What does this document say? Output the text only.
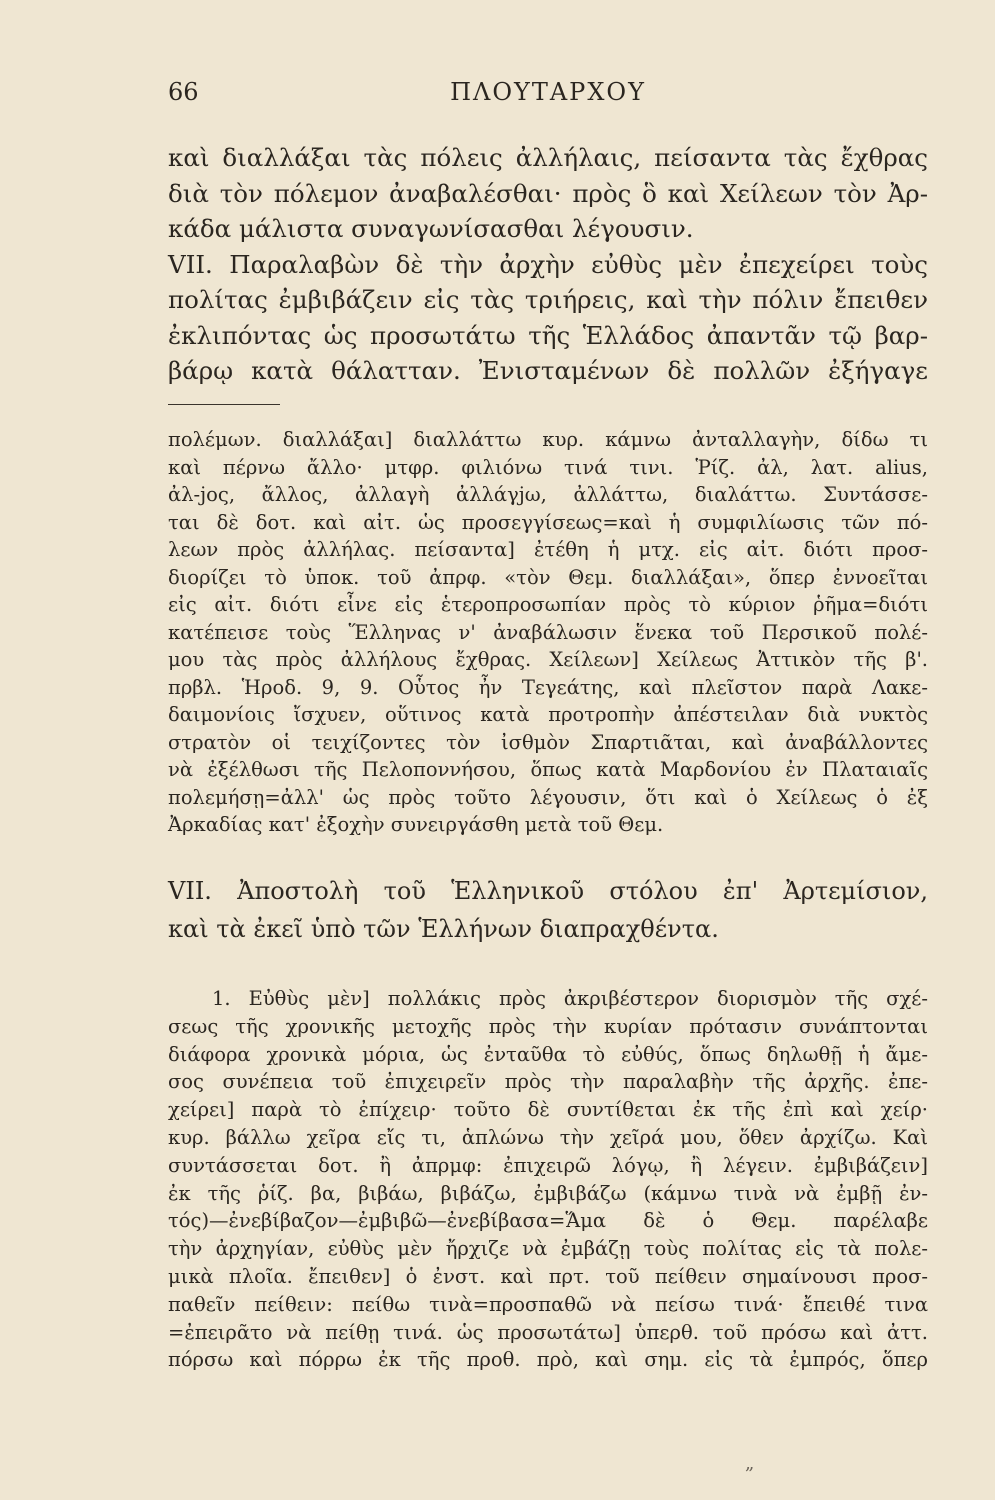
66	ΠΛΟΥΤΑΡΧΟΥ
καὶ διαλλάξαι τὰς πόλεις ἀλλήλαις, πείσαντα τὰς ἔχθρας
διὰ τὸν πόλεμον ἀναβαλέσθαι· πρὸς ὃ καὶ Χείλεων τὸν Ἀρ-
κάδα μάλιστα συναγωνίσασθαι λέγουσιν.
VII. Παραλαβὼν δὲ τὴν ἀρχὴν εὐθὺς μὲν ἐπεχείρει τοὺς
πολίτας ἐμβιβάζειν εἰς τὰς τριήρεις, καὶ τὴν πόλιν ἔπειθεν
ἐκλιπόντας ὡς προσωτάτω τῆς Ἑλλάδος ἀπαντᾶν τῷ βαρ-
βάρῳ κατὰ θάλατταν. Ἐνισταμένων δὲ πολλῶν ἐξήγαγε
πολέμων. διαλλάξαι] διαλλάττω κυρ. κάμνω ἀνταλλαγὴν, δίδω τι
καὶ πέρνω ἄλλο· μτφρ. φιλιόνω τινά τινι. Ῥίζ. ἀλ, λατ. alius,
ἀλ-jος, ἄλλος, ἀλλαγὴ ἀλλάγjω, ἀλλάττω, διαλάττω. Συντάσσε-
ται δὲ δοτ. καὶ αἰτ. ὡς προσεγγίσεως=καὶ ἡ συμφιλίωσις τῶν πό-
λεων πρὸς ἀλλήλας. πείσαντα] ἐτέθη ἡ μτχ. εἰς αἰτ. διότι προσ-
διορίζει τὸ ὑποκ. τοῦ ἀπρφ. «τὸν Θεμ. διαλλάξαι», ὅπερ ἐννοεῖται
εἰς αἰτ. διότι εἶνε εἰς ἑτεροπροσωπίαν πρὸς τὸ κύριον ῥῆμα=διότι
κατέπεισε τοὺς Ἕλληνας ν' ἀναβάλωσιν ἕνεκα τοῦ Περσικοῦ πολέ-
μου τὰς πρὸς ἀλλήλους ἔχθρας. Χείλεων] Χείλεως Ἀττικὸν τῆς β'.
πρβλ. Ἡροδ. 9, 9. Οὗτος ἦν Τεγεάτης, καὶ πλεῖστον παρὰ Λακε-
δαιμονίοις ἴσχυεν, οὕτινος κατὰ προτροπὴν ἀπέστειλαν διὰ νυκτὸς
στρατὸν οἱ τειχίζοντες τὸν ἰσθμὸν Σπαρτιᾶται, καὶ ἀναβάλλοντες
νὰ ἐξέλθωσι τῆς Πελοποννήσου, ὅπως κατὰ Μαρδονίου ἐν Πλαταιαῖς
πολεμήσῃ=ἀλλ' ὡς πρὸς τοῦτο λέγουσιν, ὅτι καὶ ὁ Χείλεως ὁ ἐξ
Ἀρκαδίας κατ' ἐξοχὴν συνειργάσθη μετὰ τοῦ Θεμ.
VII. Ἀποστολὴ τοῦ Ἑλληνικοῦ στόλου ἐπ' Ἀρτεμίσιον,
καὶ τὰ ἐκεῖ ὑπὸ τῶν Ἑλλήνων διαπραχθέντα.
1. Εὐθὺς μὲν] πολλάκις πρὸς ἀκριβέστερον διορισμὸν τῆς σχέ-
σεως τῆς χρονικῆς μετοχῆς πρὸς τὴν κυρίαν πρότασιν συνάπτονται
διάφορα χρονικὰ μόρια, ὡς ἐνταῦθα τὸ εὐθύς, ὅπως δηλωθῇ ἡ ἄμε-
σος συνέπεια τοῦ ἐπιχειρεῖν πρὸς τὴν παραλαβὴν τῆς ἀρχῆς. ἐπε-
χείρει] παρὰ τὸ ἐπίχειρ· τοῦτο δὲ συντίθεται ἐκ τῆς ἐπὶ καὶ χείρ·
κυρ. βάλλω χεῖρα εἴς τι, ἁπλώνω τὴν χεῖρά μου, ὅθεν ἀρχίζω. Καὶ
συντάσσεται δοτ. ἢ ἀπρμφ: ἐπιχειρῶ λόγῳ, ἢ λέγειν. ἐμβιβάζειν]
ἐκ τῆς ῥίζ. βα, βιβάω, βιβάζω, ἐμβιβάζω (κάμνω τινὰ νὰ ἐμβῇ ἐν-
τός)—ἐνεβίβαζον—ἐμβιβῶ—ἐνεβίβασα=Ἅμα δὲ ὁ Θεμ. παρέλαβε
τὴν ἀρχηγίαν, εὐθὺς μὲν ἤρχιζε νὰ ἐμβάζῃ τοὺς πολίτας εἰς τὰ πολε-
μικὰ πλοῖα. ἔπειθεν] ὁ ἐνστ. καὶ πρτ. τοῦ πείθειν σημαίνουσι προσ-
παθεῖν πείθειν: πείθω τινὰ=προσπαθῶ νὰ πείσω τινά· ἔπειθέ τινα
=ἐπειρᾶτο νὰ πείθῃ τινά. ὡς προσωτάτω] ὑπερθ. τοῦ πρόσω καὶ ἀττ.
πόρσω καὶ πόρρω ἐκ τῆς προθ. πρὸ, καὶ σημ. εἰς τὰ ἐμπρός, ὅπερ
„
